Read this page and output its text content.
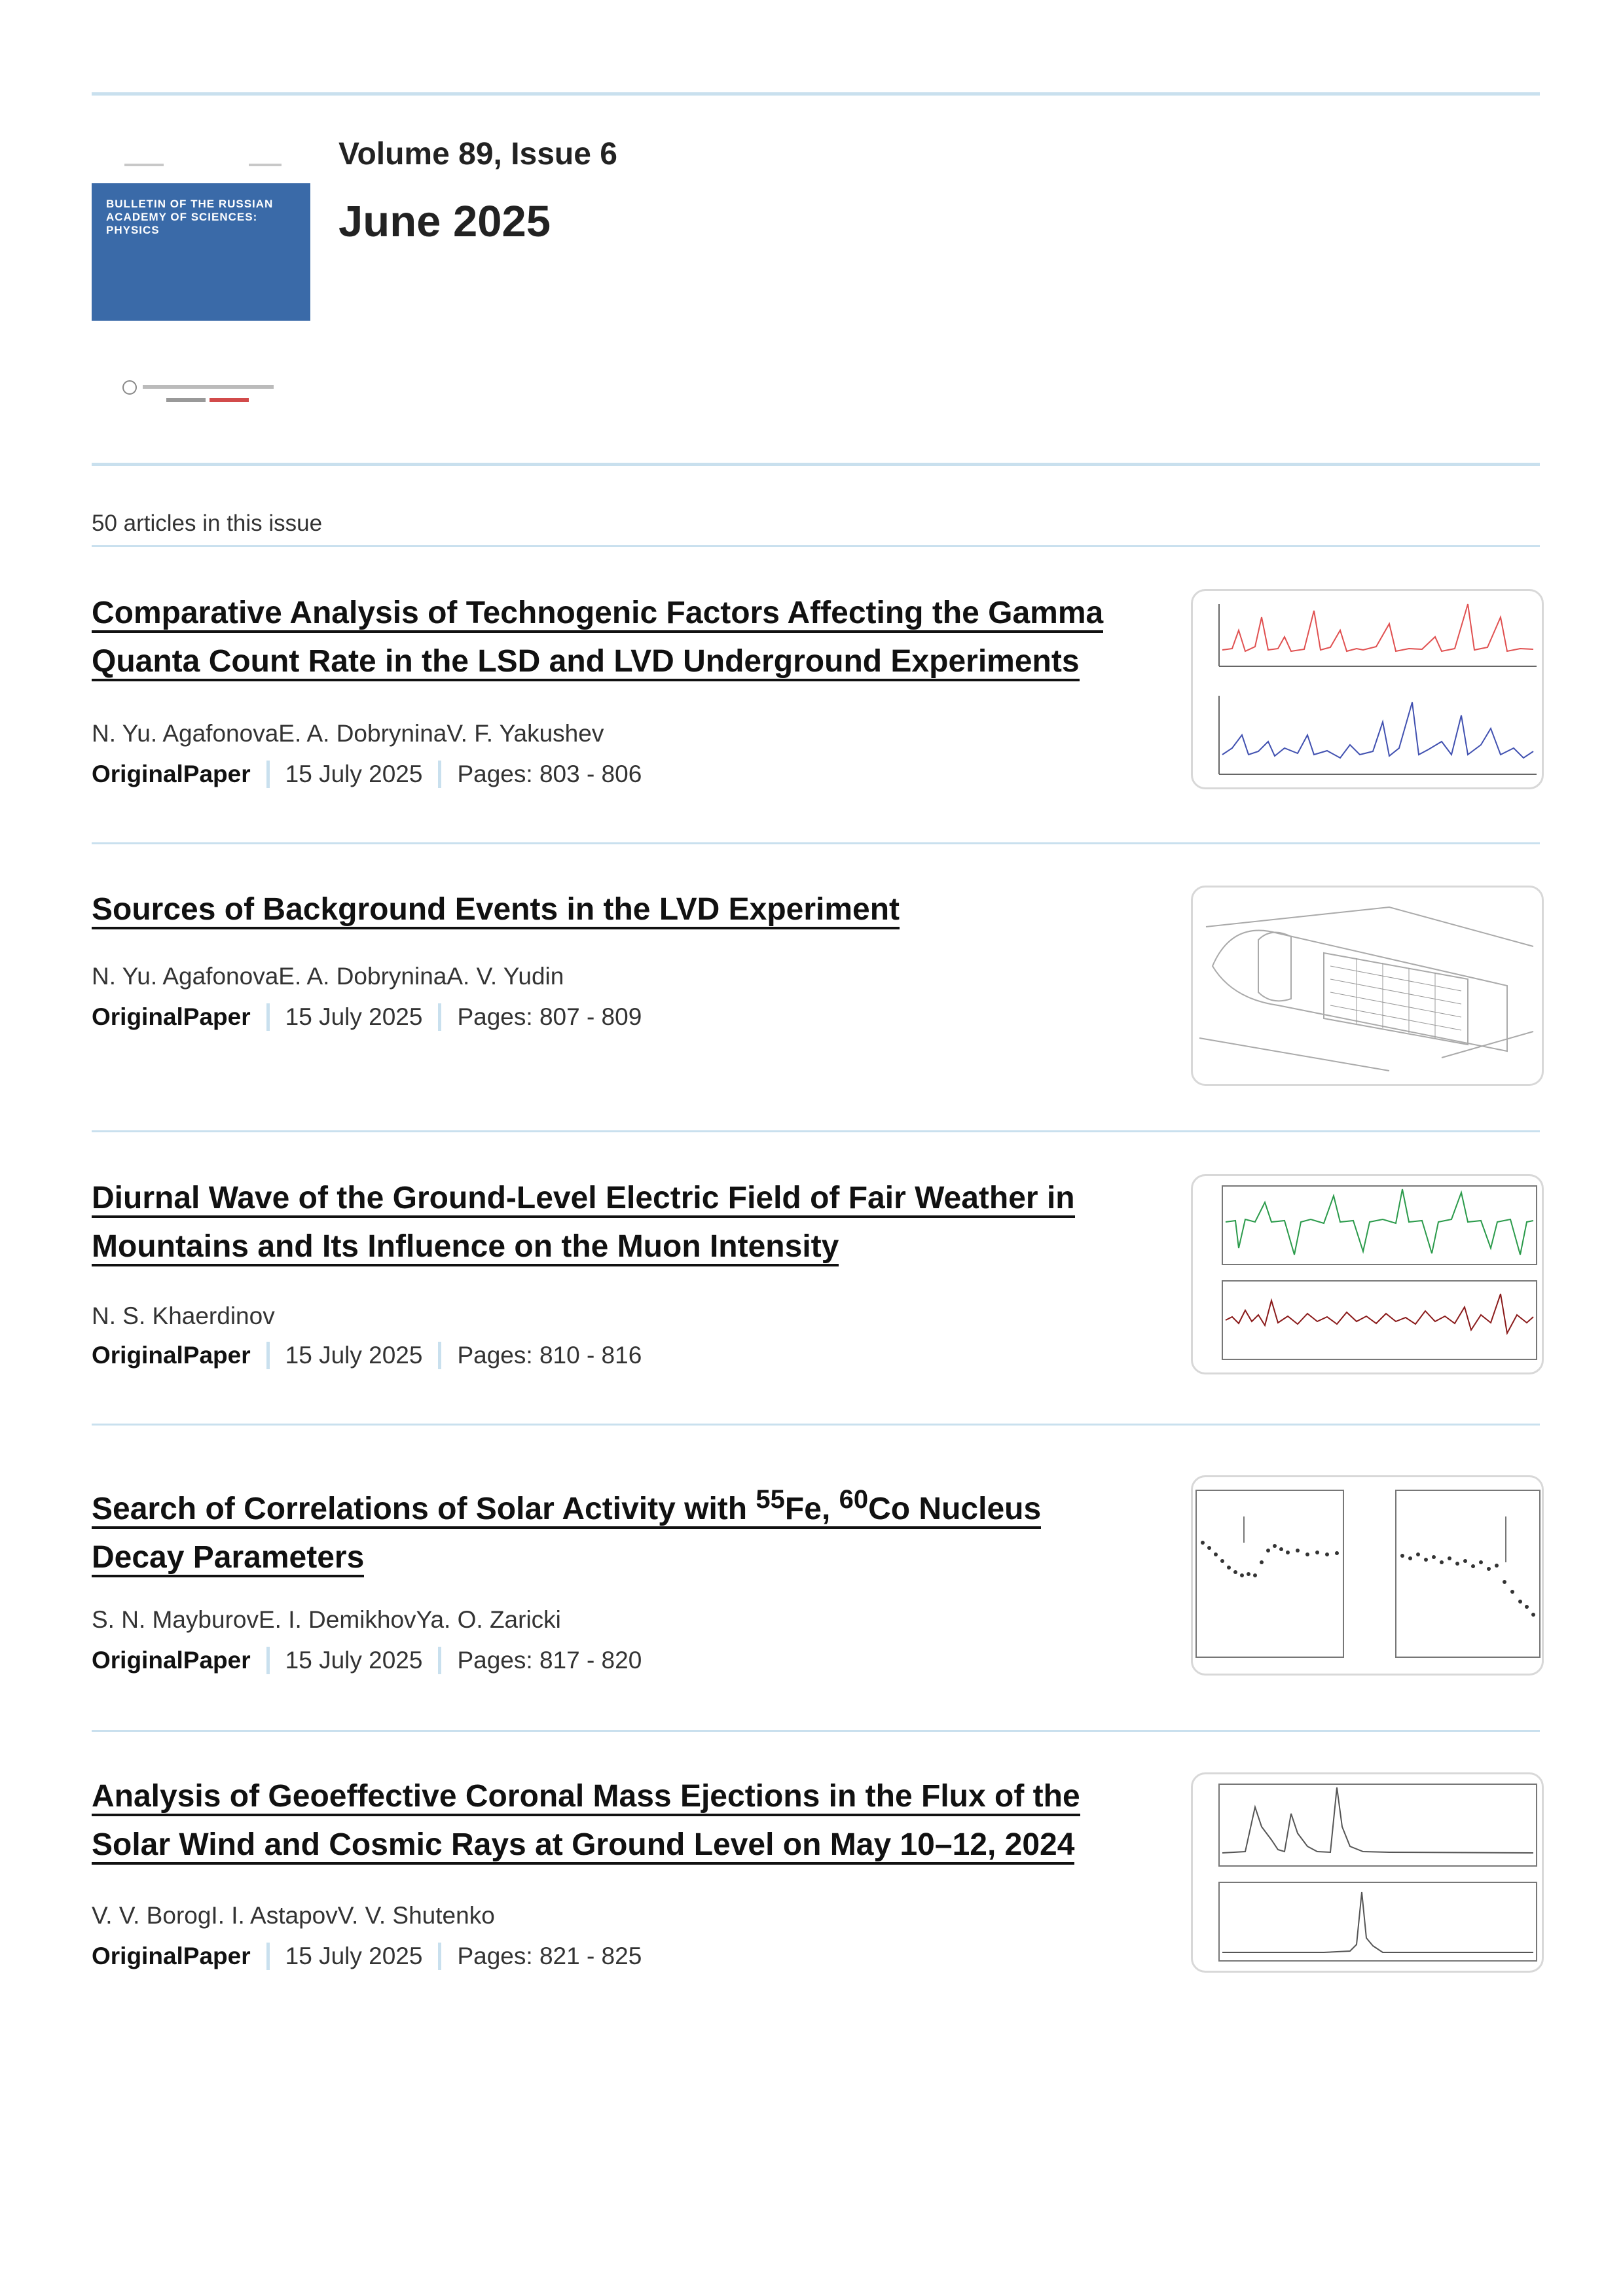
BULLETIN OF THE RUSSIAN ACADEMY OF SCIENCES: PHYSICS
Volume 89, Issue 6
June 2025
50 articles in this issue
Comparative Analysis of Technogenic Factors Affecting the Gamma
Quanta Count Rate in the LSD and LVD Underground Experiments
N. Yu. AgafonovaE. A. DobryninaV. F. Yakushev
OriginalPaper 15 July 2025 Pages: 803 - 806
Sources of Background Events in the LVD Experiment
N. Yu. AgafonovaE. A. DobryninaA. V. Yudin
OriginalPaper 15 July 2025 Pages: 807 - 809
Diurnal Wave of the Ground-Level Electric Field of Fair Weather in
Mountains and Its Influence on the Muon Intensity
N. S. Khaerdinov
OriginalPaper 15 July 2025 Pages: 810 - 816
Search of Correlations of Solar Activity with $^{55}$Fe, $^{60}$Co Nucleus
Decay Parameters
S. N. MayburovE. I. DemikhovYa. O. Zaricki
OriginalPaper 15 July 2025 Pages: 817 - 820
Analysis of Geoeffective Coronal Mass Ejections in the Flux of the
Solar Wind and Cosmic Rays at Ground Level on May 10–12, 2024
V. V. BorogI. I. AstapovV. V. Shutenko
OriginalPaper 15 July 2025 Pages: 821 - 825
